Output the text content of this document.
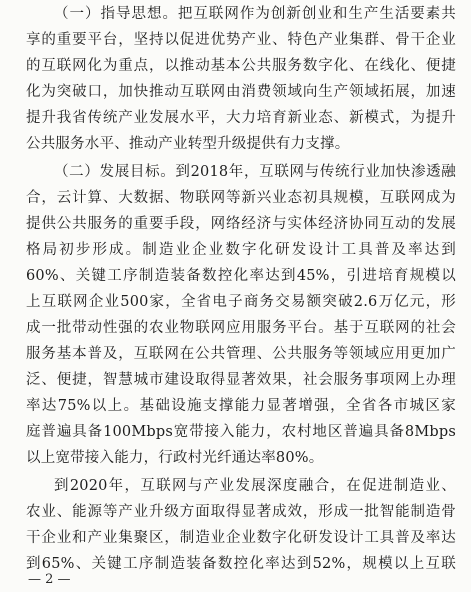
（一）指导思想。把互联网作为创新创业和生产生活要素共
享的重要平台，坚持以促进优势产业、特色产业集群、骨干企业
的互联网化为重点，以推动基本公共服务数字化、在线化、便捷
化为突破口，加快推动互联网由消费领域向生产领域拓展，加速
提升我省传统产业发展水平，大力培育新业态、新模式，为提升
公共服务水平、推动产业转型升级提供有力支撑。
（二）发展目标。到2018年，互联网与传统行业加快渗透融
合，云计算、大数据、物联网等新兴业态初具规模，互联网成为
提供公共服务的重要手段，网络经济与实体经济协同互动的发展
格局初步形成。制造业企业数字化研发设计工具普及率达到
60%、关键工序制造装备数控化率达到45%，引进培育规模以
上互联网企业500家，全省电子商务交易额突破2.6万亿元，形
成一批带动性强的农业物联网应用服务平台。基于互联网的社会
服务基本普及，互联网在公共管理、公共服务等领域应用更加广
泛、便捷，智慧城市建设取得显著效果，社会服务事项网上办理
率达75%以上。基础设施支撑能力显著增强，全省各市城区家
庭普遍具备100Mbps宽带接入能力，农村地区普遍具备8Mbps
以上宽带接入能力，行政村光纤通达率80%。
到2020年，互联网与产业发展深度融合，在促进制造业、
农业、能源等产业升级方面取得显著成效，形成一批智能制造骨
干企业和产业集聚区，制造业企业数字化研发设计工具普及率达
到65%、关键工序制造装备数控化率达到52%，规模以上互联
— 2 —
